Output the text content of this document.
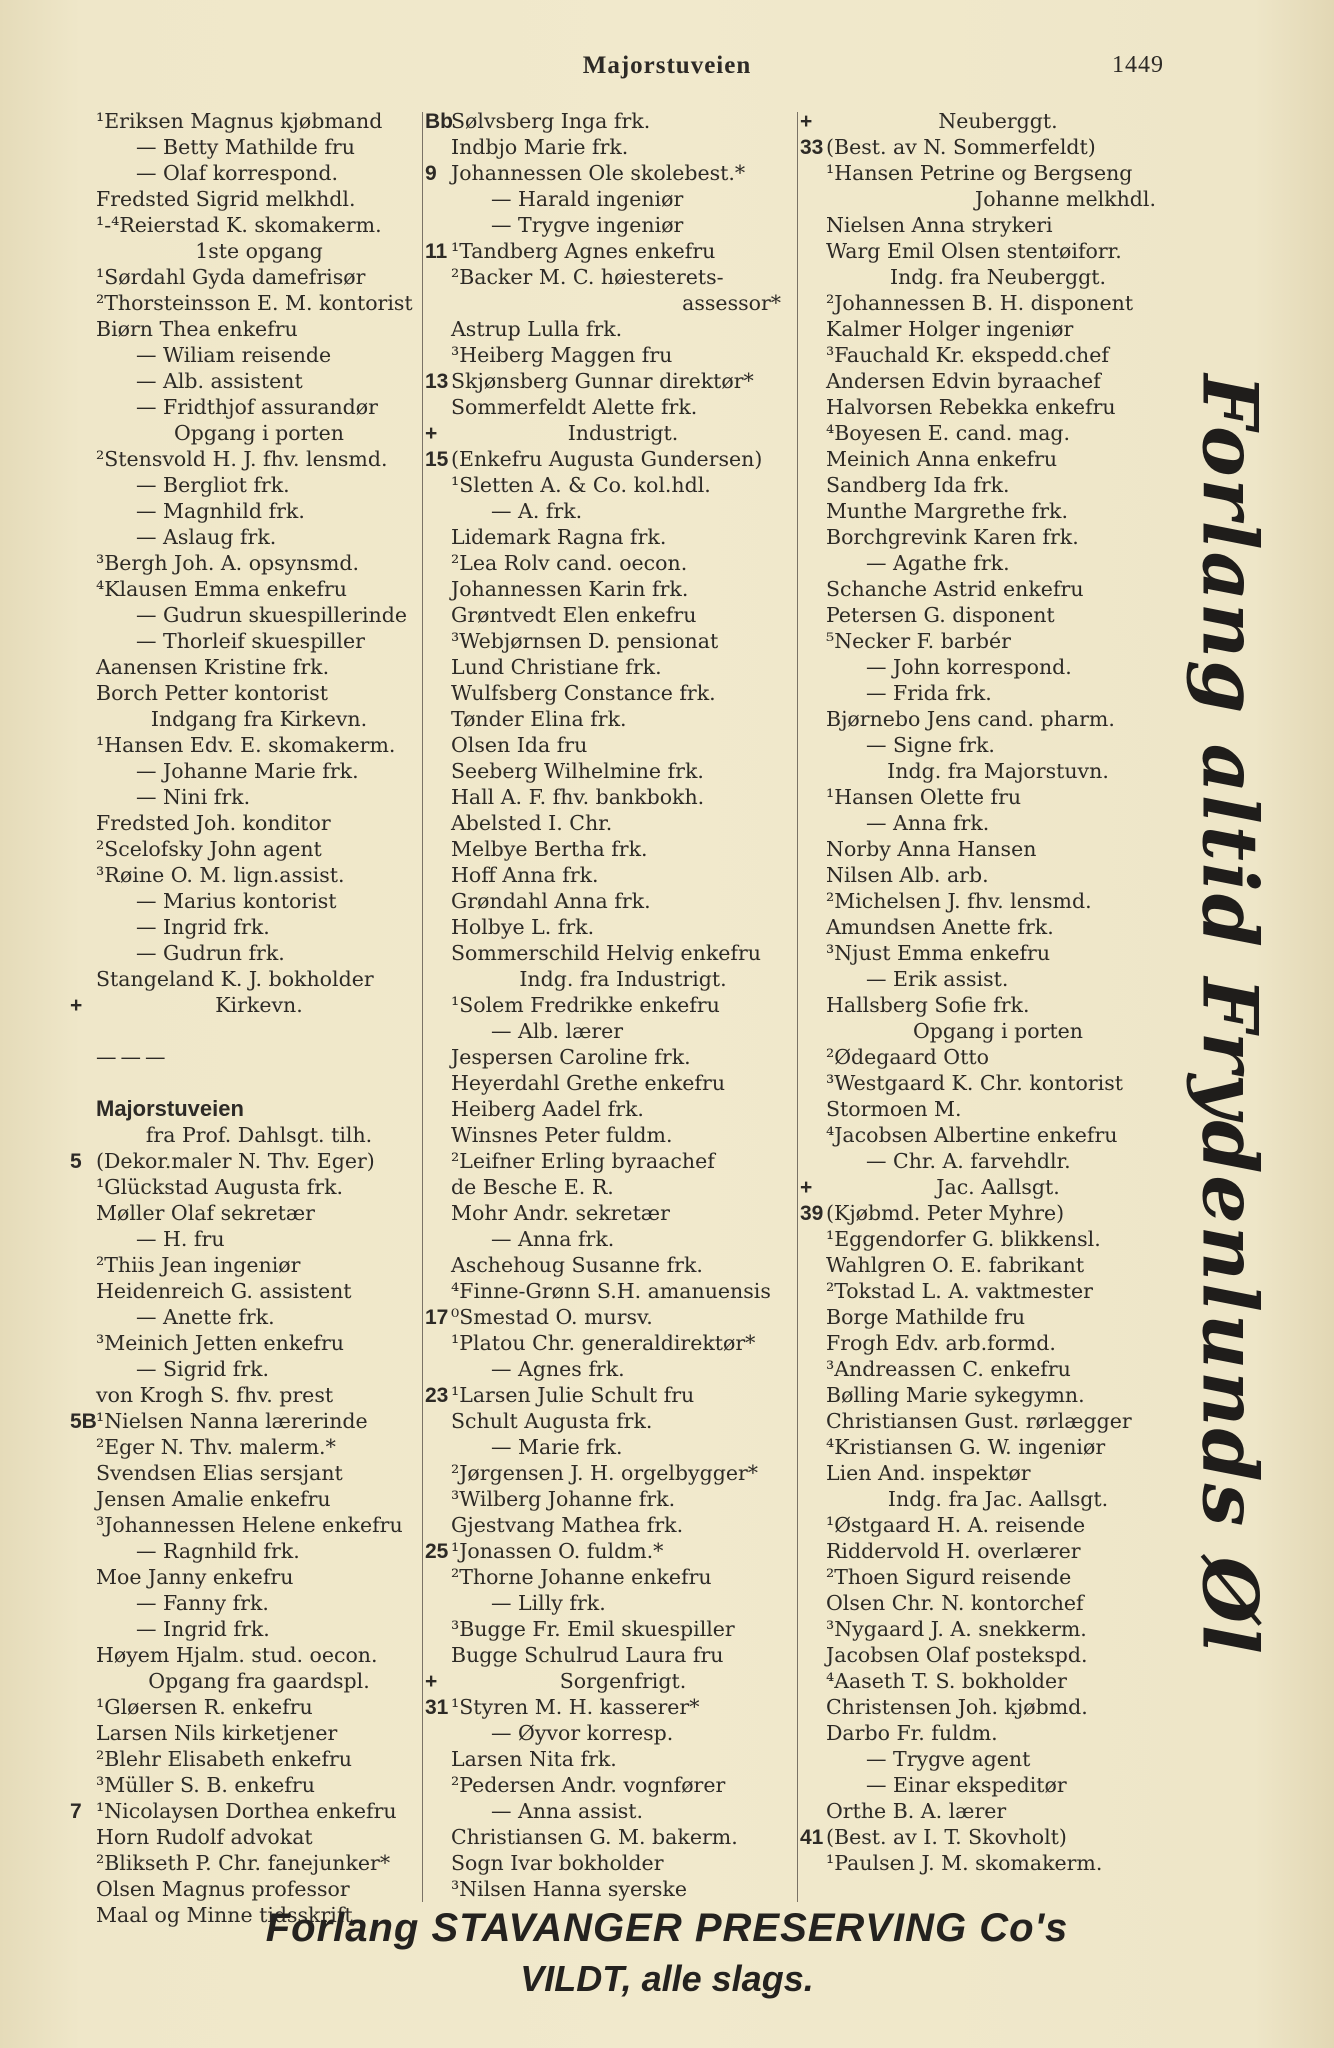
Majorstuveien	1449
¹Eriksen Magnus kjøbmand
— Betty Mathilde fru
— Olaf korrespond.
Fredsted Sigrid melkhdl.
¹-⁴Reierstad K. skomakerm.
1ste opgang
¹Sørdahl Gyda damefrisør
²Thorsteinsson E. M. kontorist
Biørn Thea enkefru
— Wiliam reisende
— Alb. assistent
— Fridthjof assurandør
Opgang i porten
²Stensvold H. J. fhv. lensmd.
— Bergliot frk.
— Magnhild frk.
— Aslaug frk.
³Bergh Joh. A. opsynsmd.
⁴Klausen Emma enkefru
— Gudrun skuespillerinde
— Thorleif skuespiller
Aanensen Kristine frk.
Borch Petter kontorist
Indgang fra Kirkevn.
¹Hansen Edv. E. skomakerm.
— Johanne Marie frk.
— Nini frk.
Fredsted Joh. konditor
²Scelofsky John agent
³Røine O. M. lign.assist.
— Marius kontorist
— Ingrid frk.
— Gudrun frk.
Stangeland K. J. bokholder
+	Kirkevn.
———
Majorstuveien
fra Prof. Dahlsgt. tilh.
5 (Dekor.maler N. Thv. Eger)
¹Glückstad Augusta frk.
Møller Olaf sekretær
— H. fru
²Thiis Jean ingeniør
Heidenreich G. assistent
— Anette frk.
³Meinich Jetten enkefru
— Sigrid frk.
von Krogh S. fhv. prest
5B ¹Nielsen Nanna lærerinde
²Eger N. Thv. malerm.*
Svendsen Elias sersjant
Jensen Amalie enkefru
³Johannessen Helene enkefru
— Ragnhild frk.
Moe Janny enkefru
— Fanny frk.
— Ingrid frk.
Høyem Hjalm. stud. oecon.
Opgang fra gaardspl.
¹Gløersen R. enkefru
Larsen Nils kirketjener
²Blehr Elisabeth enkefru
³Müller S. B. enkefru
7 ¹Nicolaysen Dorthea enkefru
Horn Rudolf advokat
²Blikseth P. Chr. fanejunker*
Olsen Magnus professor
Maal og Minne tidsskrift
Bb
Sølvsberg Inga frk.
Indbjo Marie frk.
9 Johannessen Ole skolebest.*
— Harald ingeniør
— Trygve ingeniør
11 ¹Tandberg Agnes enkefru
²Backer M. C. høiesterets-
assessor*
Astrup Lulla frk.
³Heiberg Maggen fru
13 Skjønsberg Gunnar direktør*
Sommerfeldt Alette frk.
+	Industrigt.
15 (Enkefru Augusta Gundersen)
¹Sletten A. & Co. kol.hdl.
— A. frk.
Lidemark Ragna frk.
²Lea Rolv cand. oecon.
Johannessen Karin frk.
Grøntvedt Elen enkefru
³Webjørnsen D. pensionat
Lund Christiane frk.
Wulfsberg Constance frk.
Tønder Elina frk.
Olsen Ida fru
Seeberg Wilhelmine frk.
Hall A. F. fhv. bankbokh.
Abelsted I. Chr.
Melbye Bertha frk.
Hoff Anna frk.
Grøndahl Anna frk.
Holbye L. frk.
Sommerschild Helvig enkefru
Indg. fra Industrigt.
¹Solem Fredrikke enkefru
— Alb. lærer
Jespersen Caroline frk.
Heyerdahl Grethe enkefru
Heiberg Aadel frk.
Winsnes Peter fuldm.
²Leifner Erling byraachef
de Besche E. R.
Mohr Andr. sekretær
— Anna frk.
Aschehoug Susanne frk.
⁴Finne-Grønn S.H. amanuensis
17 ⁰Smestad O. mursv.
¹Platou Chr. generaldirektør*
— Agnes frk.
23 ¹Larsen Julie Schult fru
Schult Augusta frk.
— Marie frk.
²Jørgensen J. H. orgelbygger*
³Wilberg Johanne frk.
Gjestvang Mathea frk.
25 ¹Jonassen O. fuldm.*
²Thorne Johanne enkefru
— Lilly frk.
³Bugge Fr. Emil skuespiller
Bugge Schulrud Laura fru
+	Sorgenfrigt.
31 ¹Styren M. H. kasserer*
— Øyvor korresp.
Larsen Nita frk.
²Pedersen Andr. vognfører
— Anna assist.
Christiansen G. M. bakerm.
Sogn Ivar bokholder
³Nilsen Hanna syerske
+	Neuberggt.
33 (Best. av N. Sommerfeldt)
¹Hansen Petrine og Bergseng
Johanne melkhdl.
Nielsen Anna strykeri
Warg Emil Olsen stentøiforr.
Indg. fra Neuberggt.
²Johannessen B. H. disponent
Kalmer Holger ingeniør
³Fauchald Kr. ekspedd.chef
Andersen Edvin byraachef
Halvorsen Rebekka enkefru
⁴Boyesen E. cand. mag.
Meinich Anna enkefru
Sandberg Ida frk.
Munthe Margrethe frk.
Borchgrevink Karen frk.
— Agathe frk.
Schanche Astrid enkefru
Petersen G. disponent
⁵Necker F. barbér
— John korrespond.
— Frida frk.
Bjørnebo Jens cand. pharm.
— Signe frk.
Indg. fra Majorstuvn.
¹Hansen Olette fru
— Anna frk.
Norby Anna Hansen
Nilsen Alb. arb.
²Michelsen J. fhv. lensmd.
Amundsen Anette frk.
³Njust Emma enkefru
— Erik assist.
Hallsberg Sofie frk.
Opgang i porten
²Ødegaard Otto
³Westgaard K. Chr. kontorist
Stormoen M.
⁴Jacobsen Albertine enkefru
— Chr. A. farvehdlr.
+	Jac. Aallsgt.
39 (Kjøbmd. Peter Myhre)
¹Eggendorfer G. blikkensl.
Wahlgren O. E. fabrikant
²Tokstad L. A. vaktmester
Borge Mathilde fru
Frogh Edv. arb.formd.
³Andreassen C. enkefru
Bølling Marie sykegymn.
Christiansen Gust. rørlægger
⁴Kristiansen G. W. ingeniør
Lien And. inspektør
Indg. fra Jac. Aallsgt.
¹Østgaard H. A. reisende
Riddervold H. overlærer
²Thoen Sigurd reisende
Olsen Chr. N. kontorchef
³Nygaard J. A. snekkerm.
Jacobsen Olaf postekspd.
⁴Aaseth T. S. bokholder
Christensen Joh. kjøbmd.
Darbo Fr. fuldm.
— Trygve agent
— Einar ekspeditør
Orthe B. A. lærer
41 (Best. av I. T. Skovholt)
¹Paulsen J. M. skomakerm.
Forlang altid Frydenlunds Øl
Forlang STAVANGER PRESERVING Co's
VILDT, alle slags.
